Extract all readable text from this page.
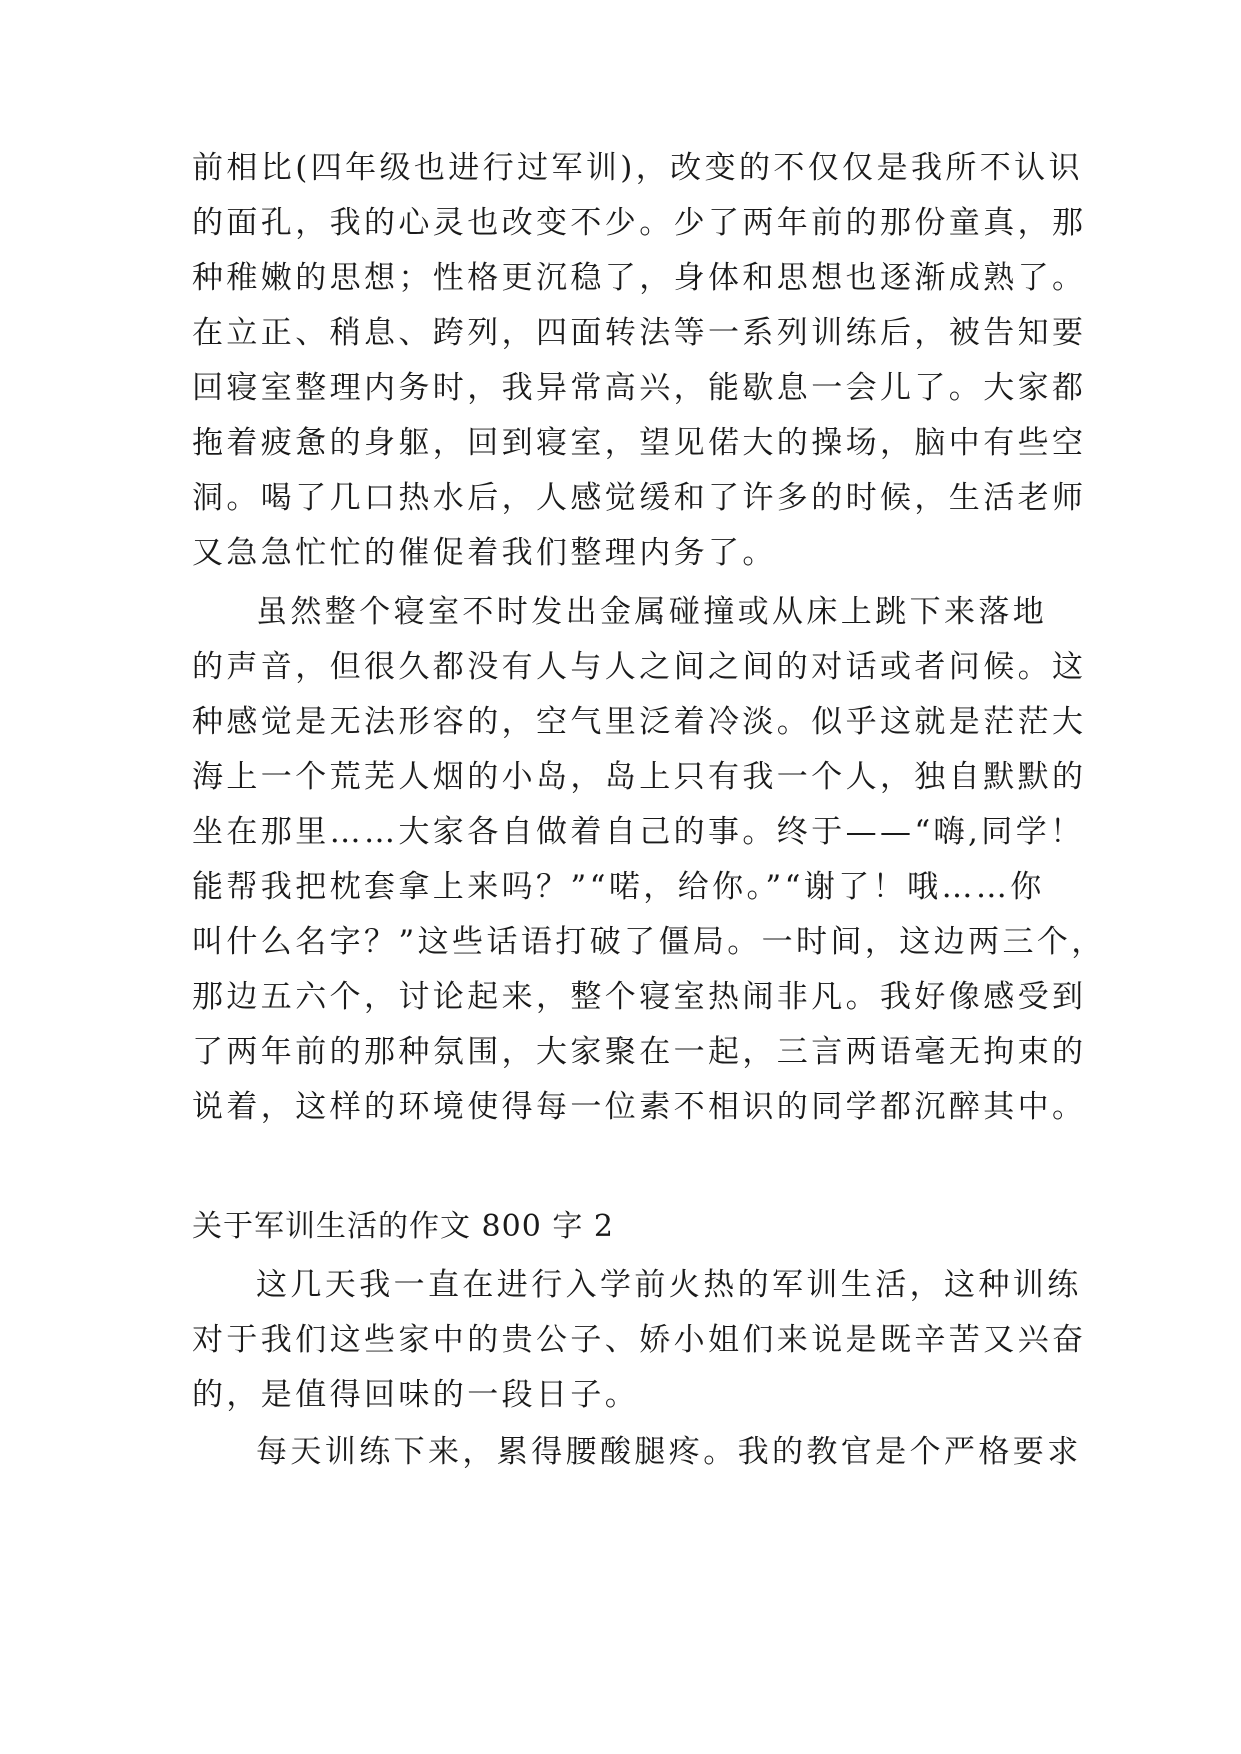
前相比(四年级也进行过军训)，改变的不仅仅是我所不认识

的面孔，我的心灵也改变不少。少了两年前的那份童真，那

种稚嫩的思想；性格更沉稳了，身体和思想也逐渐成熟了。

在立正、稍息、跨列，四面转法等一系列训练后，被告知要

回寝室整理内务时，我异常高兴，能歇息一会儿了。大家都

拖着疲惫的身躯，回到寝室，望见偌大的操场，脑中有些空

洞。喝了几口热水后，人感觉缓和了许多的时候，生活老师

又急急忙忙的催促着我们整理内务了。

虽然整个寝室不时发出金属碰撞或从床上跳下来落地

的声音，但很久都没有人与人之间之间的对话或者问候。这

种感觉是无法形容的，空气里泛着冷淡。似乎这就是茫茫大

海上一个荒芜人烟的小岛，岛上只有我一个人，独自默默的

坐在那里……大家各自做着自己的事。终于——“嗨,同学！

能帮我把枕套拿上来吗？”“喏，给你。”“谢了！哦……你

叫什么名字？”这些话语打破了僵局。一时间，这边两三个，

那边五六个，讨论起来，整个寝室热闹非凡。我好像感受到

了两年前的那种氛围，大家聚在一起，三言两语毫无拘束的

说着，这样的环境使得每一位素不相识的同学都沉醉其中。

关于军训生活的作文 800 字 2

这几天我一直在进行入学前火热的军训生活，这种训练

对于我们这些家中的贵公子、娇小姐们来说是既辛苦又兴奋

的，是值得回味的一段日子。

每天训练下来，累得腰酸腿疼。我的教官是个严格要求
